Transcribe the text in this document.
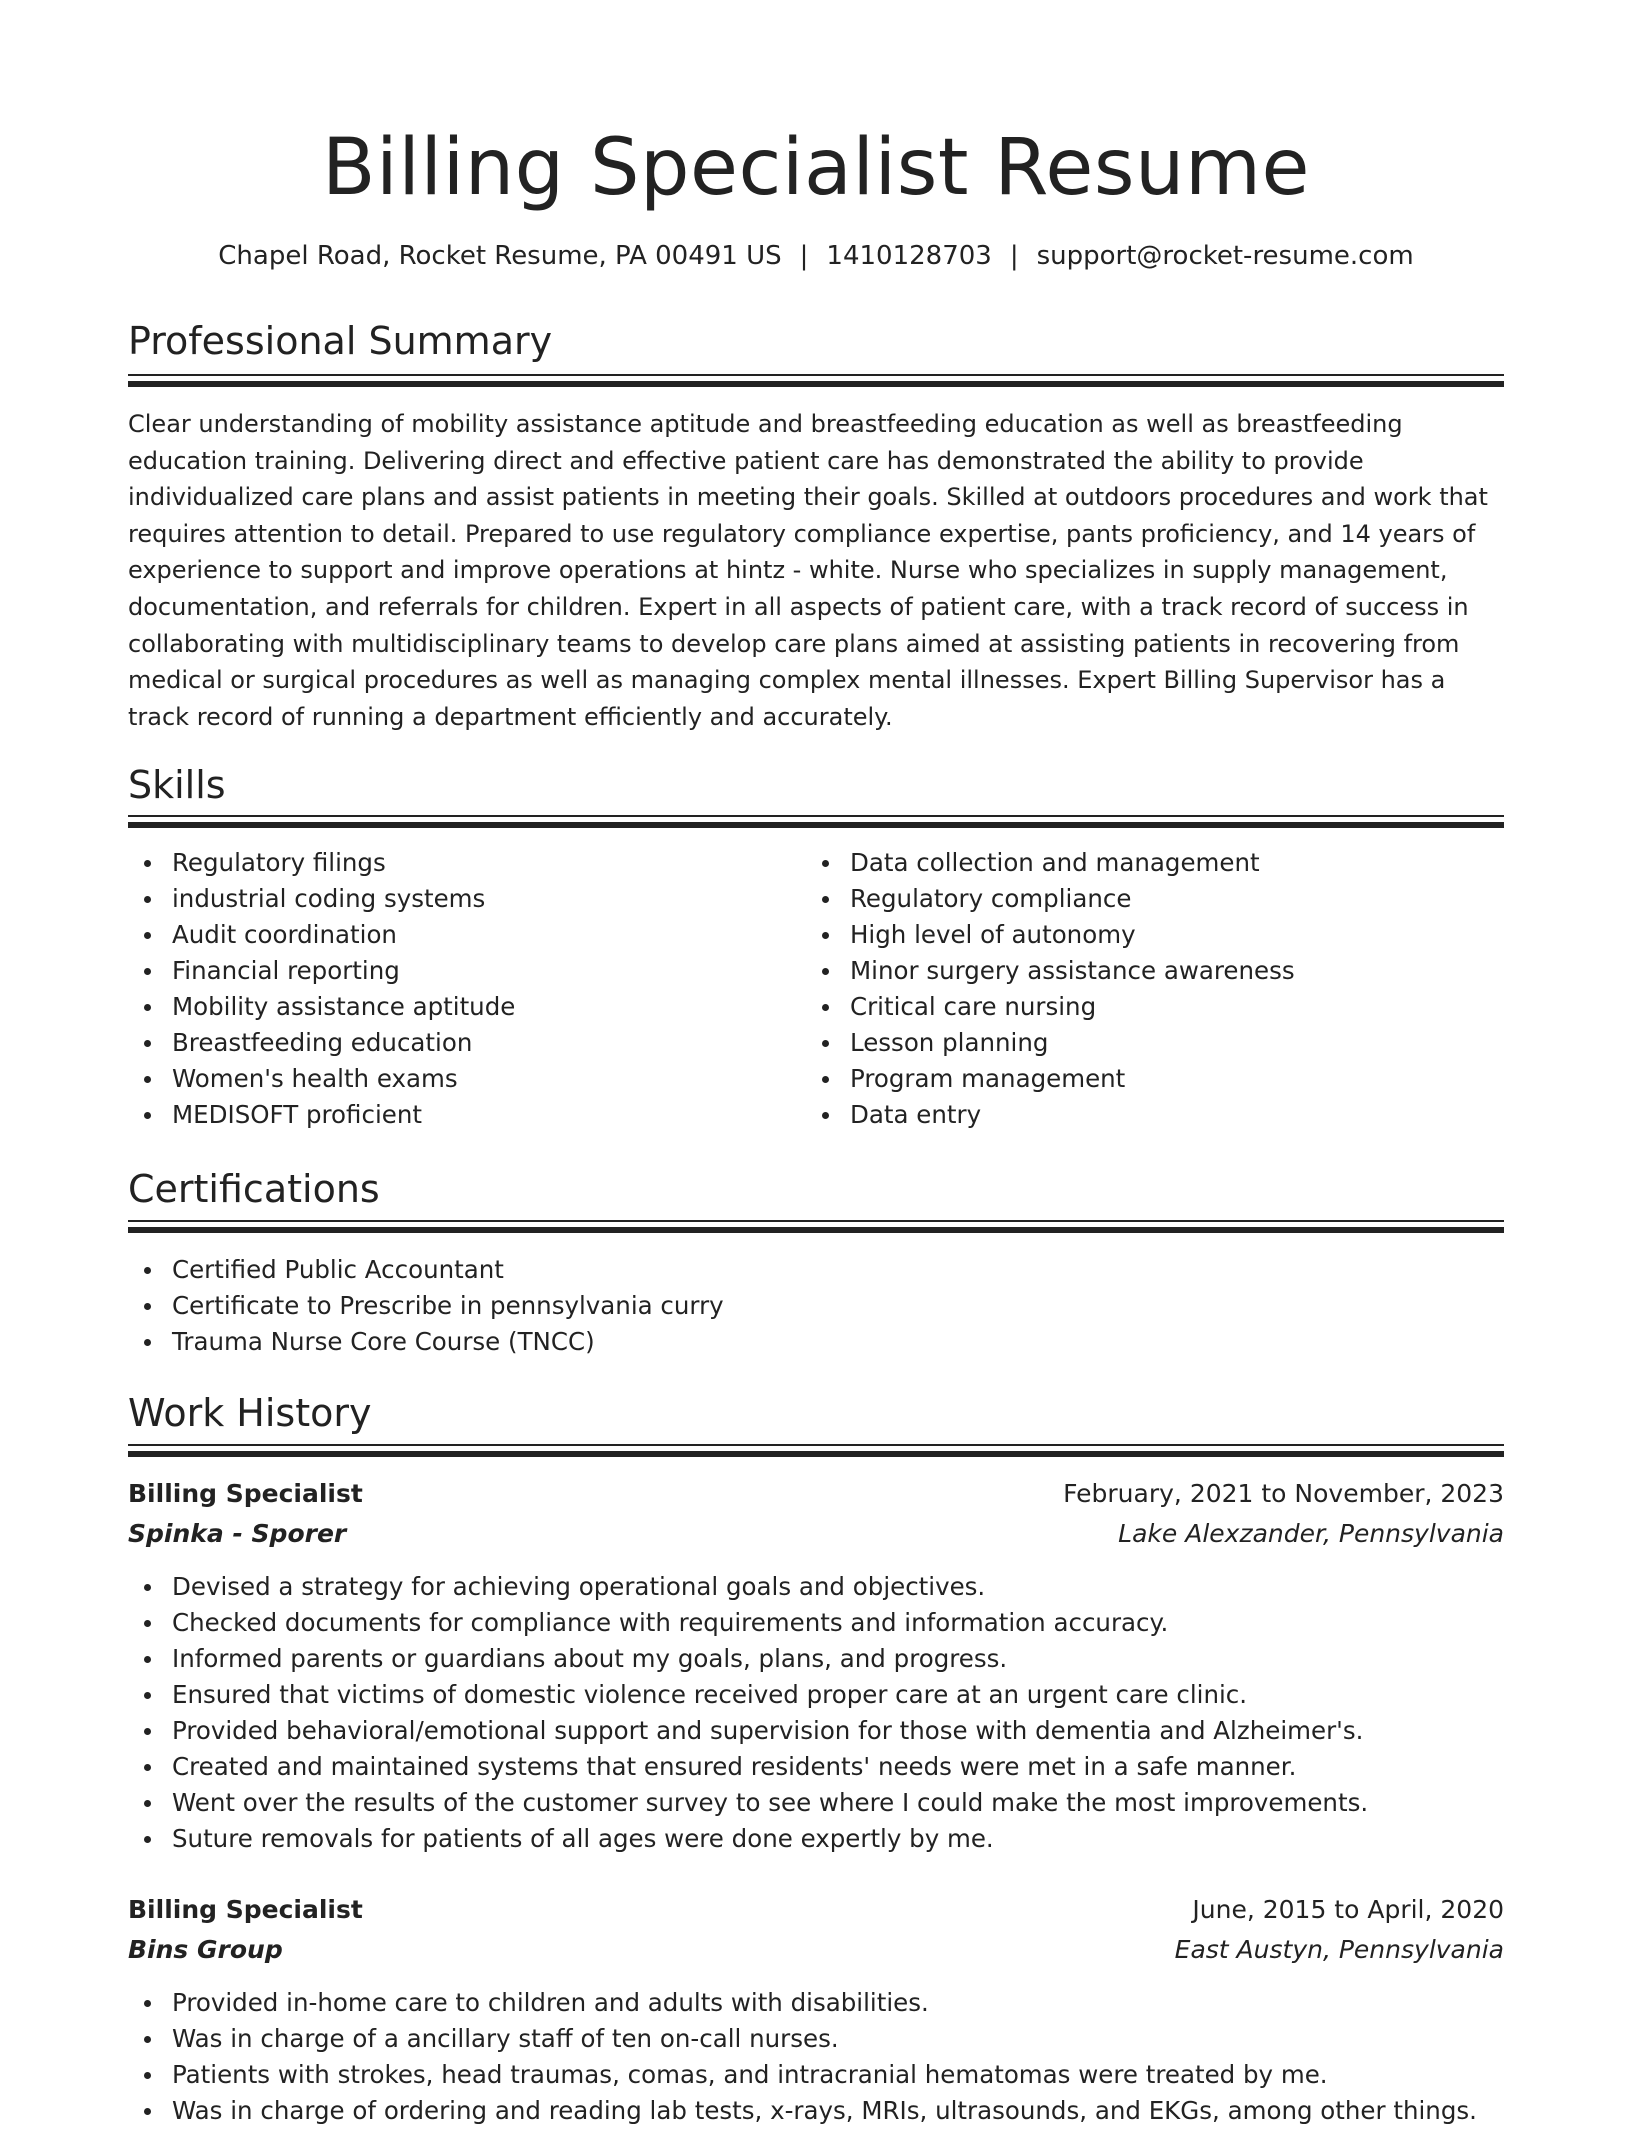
Billing Specialist Resume
Chapel Road, Rocket Resume, PA 00491 US | 1410128703 | support@rocket-resume.com
Professional Summary

Clear understanding of mobility assistance aptitude and breastfeeding education as well as breastfeeding education training. Delivering direct and effective patient care has demonstrated the ability to provide individualized care plans and assist patients in meeting their goals. Skilled at outdoors procedures and work that requires attention to detail. Prepared to use regulatory compliance expertise, pants proficiency, and 14 years of experience to support and improve operations at hintz - white. Nurse who specializes in supply management, documentation, and referrals for children. Expert in all aspects of patient care, with a track record of success in collaborating with multidisciplinary teams to develop care plans aimed at assisting patients in recovering from medical or surgical procedures as well as managing complex mental illnesses. Expert Billing Supervisor has a track record of running a department efficiently and accurately.

Skills
Regulatory filings
industrial coding systems
Audit coordination
Financial reporting
Mobility assistance aptitude
Breastfeeding education
Women's health exams
MEDISOFT proficient
Data collection and management
Regulatory compliance
High level of autonomy
Minor surgery assistance awareness
Critical care nursing
Lesson planning
Program management
Data entry
Certifications
Certified Public Accountant
Certificate to Prescribe in pennsylvania curry
Trauma Nurse Core Course (TNCC)
Work History
Billing Specialist	February, 2021 to November, 2023
Spinka - Sporer	Lake Alexzander, Pennsylvania
Devised a strategy for achieving operational goals and objectives.
Checked documents for compliance with requirements and information accuracy.
Informed parents or guardians about my goals, plans, and progress.
Ensured that victims of domestic violence received proper care at an urgent care clinic.
Provided behavioral/emotional support and supervision for those with dementia and Alzheimer's.
Created and maintained systems that ensured residents' needs were met in a safe manner.
Went over the results of the customer survey to see where I could make the most improvements.
Suture removals for patients of all ages were done expertly by me.
Billing Specialist	June, 2015 to April, 2020
Bins Group	East Austyn, Pennsylvania
Provided in-home care to children and adults with disabilities.
Was in charge of a ancillary staff of ten on-call nurses.
Patients with strokes, head traumas, comas, and intracranial hematomas were treated by me.
Was in charge of ordering and reading lab tests, x-rays, MRIs, ultrasounds, and EKGs, among other things.
